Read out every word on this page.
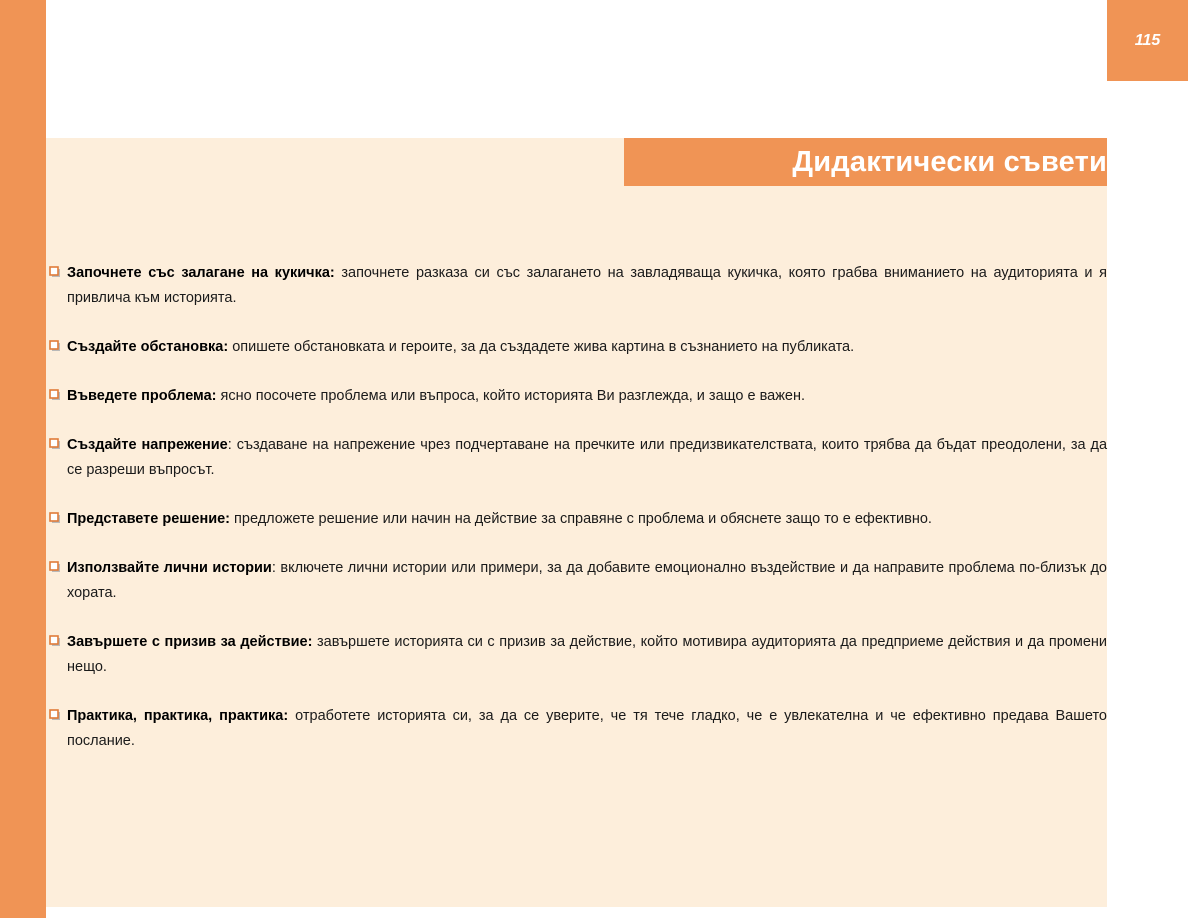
115
Дидактически съвети
Започнете със залагане на кукичка: започнете разказа си със залагането на завладяваща кукичка, която грабва вниманието на аудиторията и я привлича към историята.
Създайте обстановка: опишете обстановката и героите, за да създадете жива картина в съзнанието на публиката.
Въведете проблема: ясно посочете проблема или въпроса, който историята Ви разглежда, и защо е важен.
Създайте напрежение: създаване на напрежение чрез подчертаване на пречките или предизвикателствата, които трябва да бъдат преодолени, за да се разреши въпросът.
Представете решение: предложете решение или начин на действие за справяне с проблема и обяснете защо то е ефективно.
Използвайте лични истории: включете лични истории или примери, за да добавите емоционално въздействие и да направите проблема по-близък до хората.
Завършете с призив за действие: завършете историята си с призив за действие, който мотивира аудиторията да предприеме действия и да промени нещо.
Практика, практика, практика: отработете историята си, за да се уверите, че тя тече гладко, че е увлекателна и че ефективно предава Вашето послание.
